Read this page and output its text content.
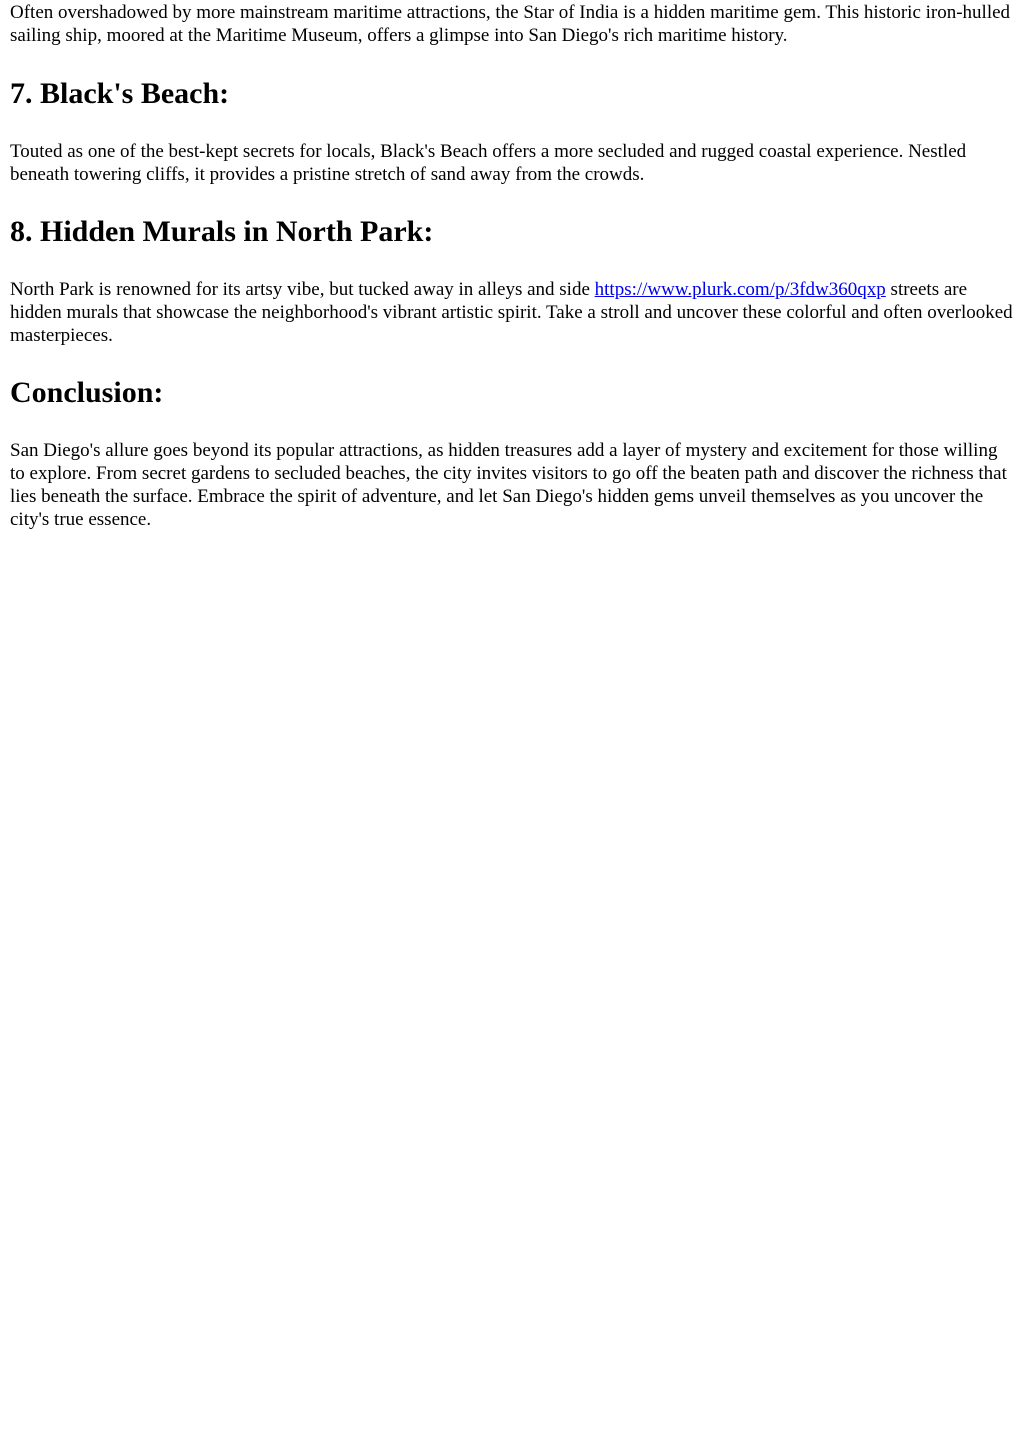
Often overshadowed by more mainstream maritime attractions, the Star of India is a hidden maritime gem. This historic iron-hulled sailing ship, moored at the Maritime Museum, offers a glimpse into San Diego's rich maritime history.

7. Black's Beach:

Touted as one of the best-kept secrets for locals, Black's Beach offers a more secluded and rugged coastal experience. Nestled beneath towering cliffs, it provides a pristine stretch of sand away from the crowds.

8. Hidden Murals in North Park:

North Park is renowned for its artsy vibe, but tucked away in alleys and side https://www.plurk.com/p/3fdw360qxp streets are hidden murals that showcase the neighborhood's vibrant artistic spirit. Take a stroll and uncover these colorful and often overlooked masterpieces.

Conclusion:

San Diego's allure goes beyond its popular attractions, as hidden treasures add a layer of mystery and excitement for those willing to explore. From secret gardens to secluded beaches, the city invites visitors to go off the beaten path and discover the richness that lies beneath the surface. Embrace the spirit of adventure, and let San Diego's hidden gems unveil themselves as you uncover the city's true essence.
